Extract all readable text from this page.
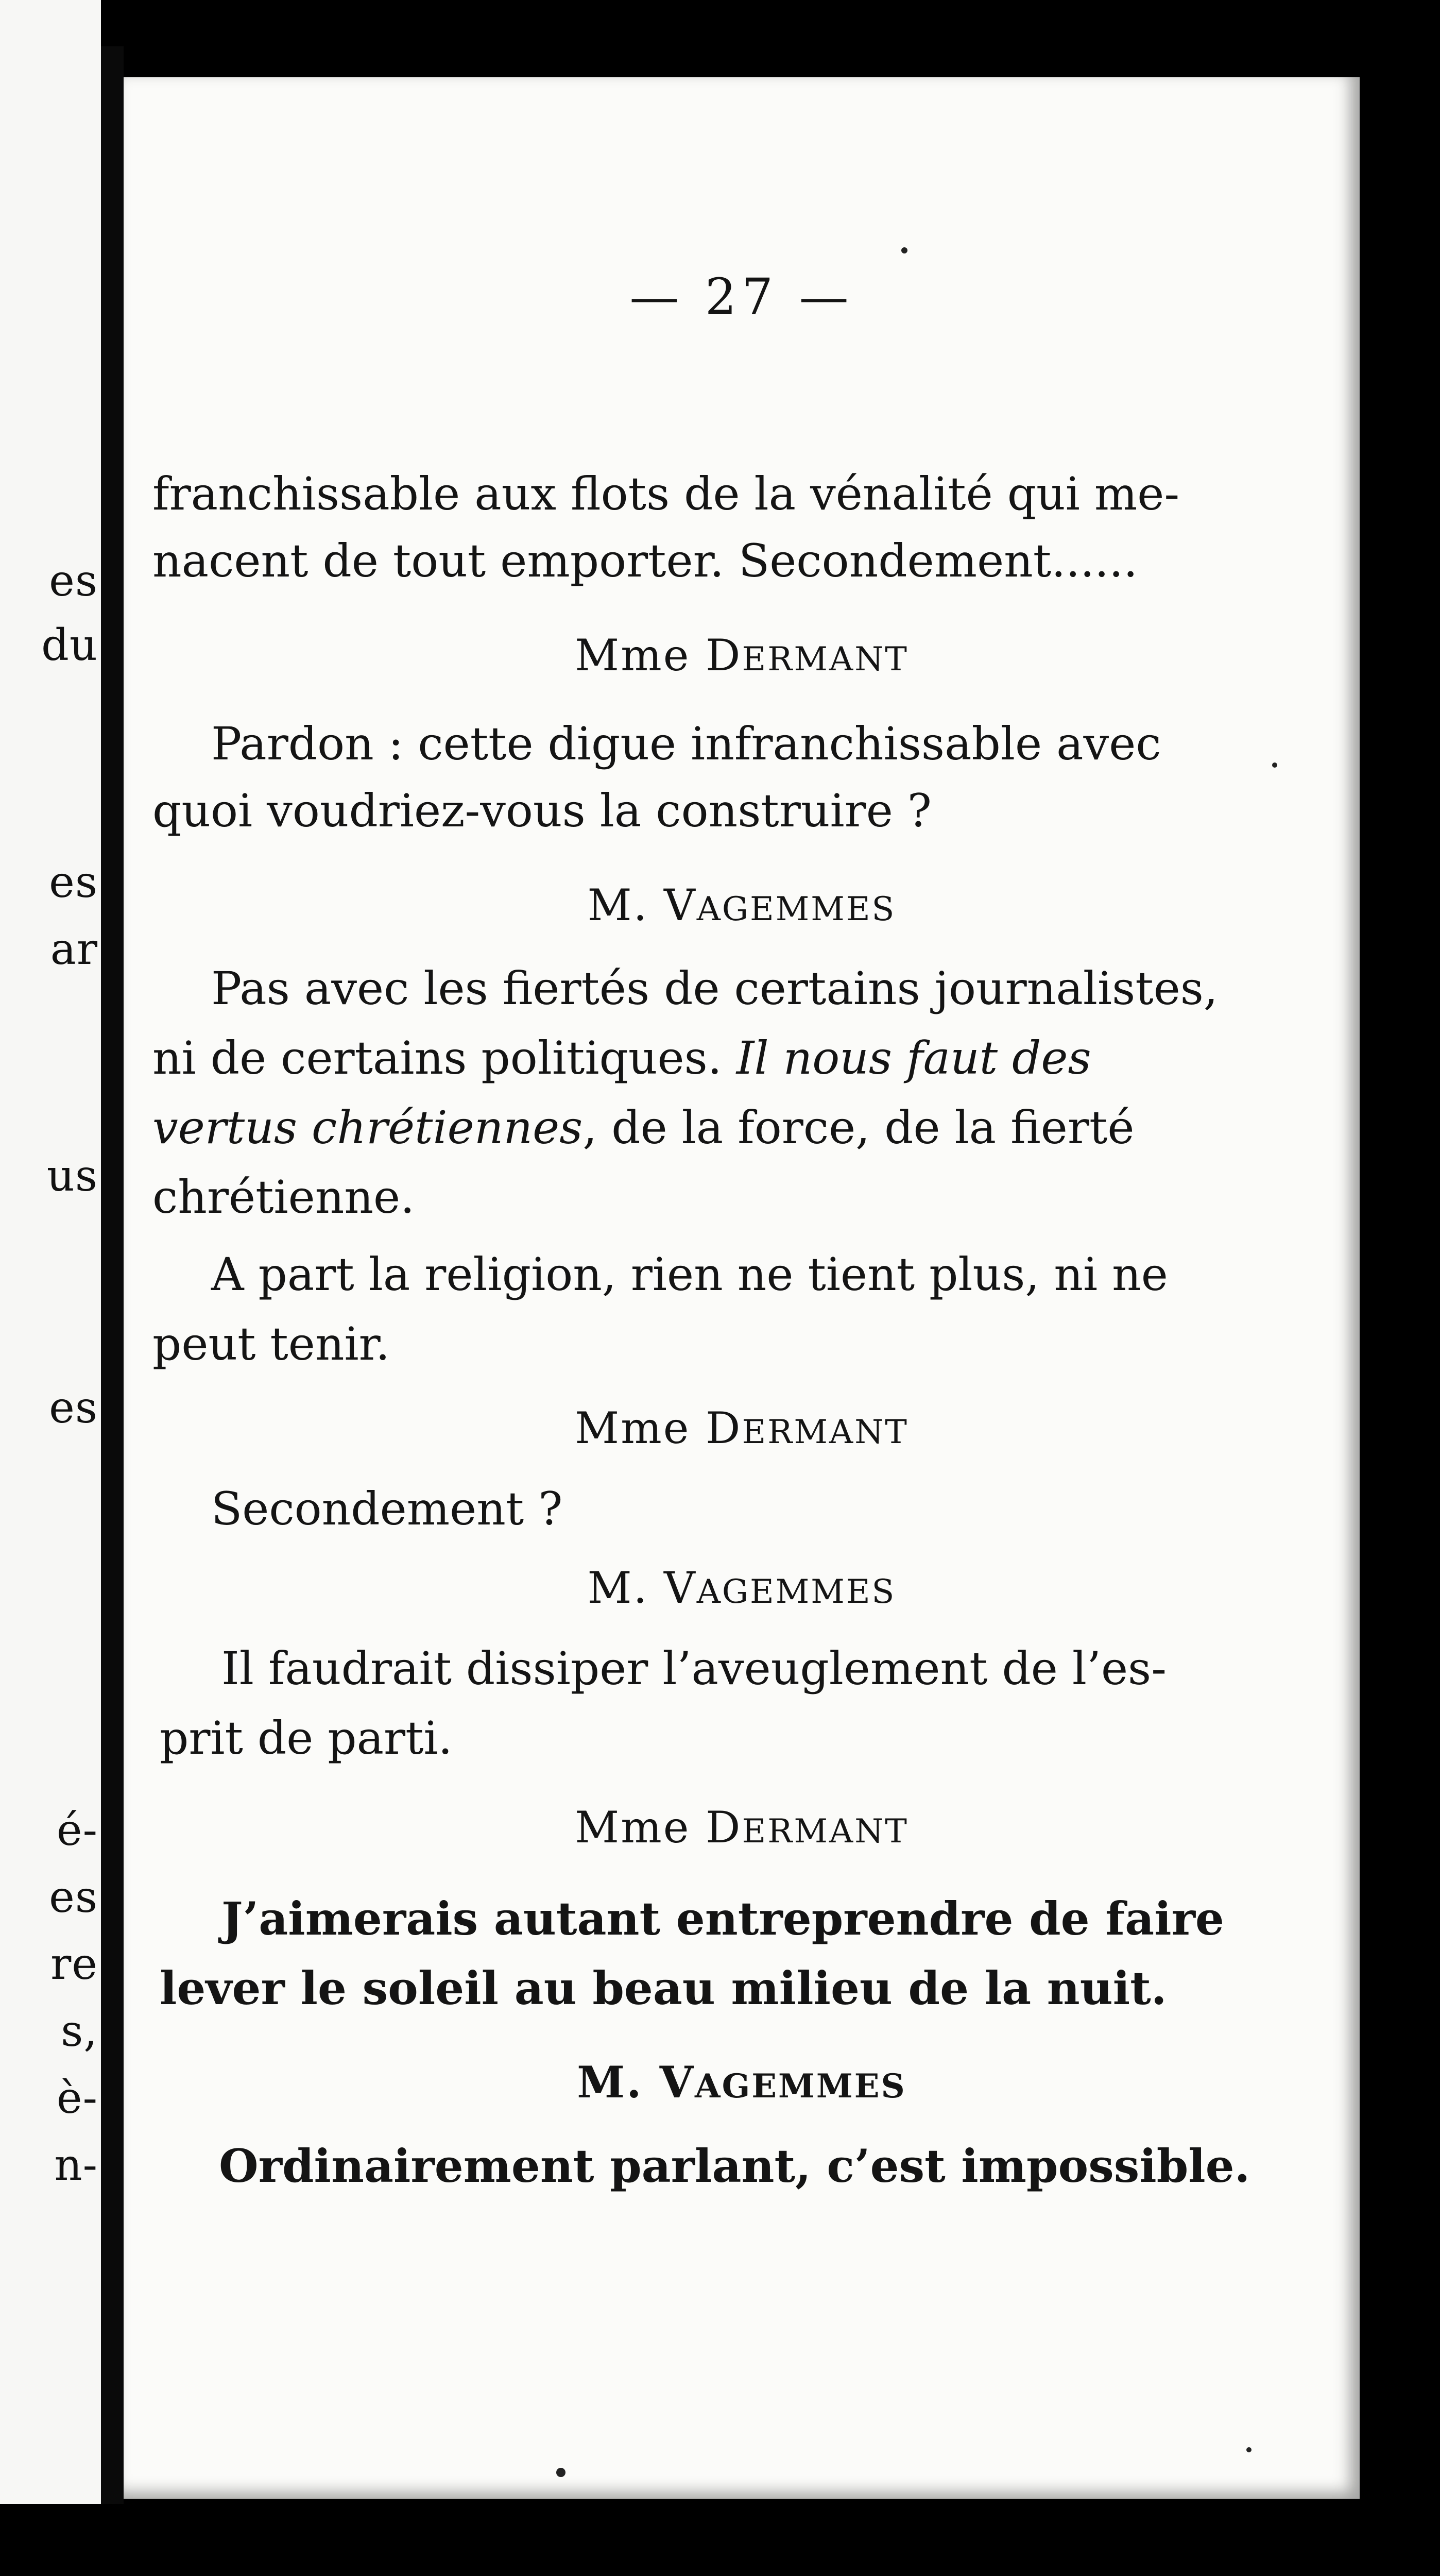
es
du
es
ar
us
es
é-
es
re
s,
è-
n-
— 27 —
franchissable aux flots de la vénalité qui me-
nacent de tout emporter. Secondement......
Mme DERMANT
Pardon : cette digue infranchissable avec
quoi voudriez-vous la construire ?
M. VAGEMMES
Pas avec les fiertés de certains journalistes,
ni de certains politiques. Il nous faut des
vertus chrétiennes, de la force, de la fierté
chrétienne.
A part la religion, rien ne tient plus, ni ne
peut tenir.
Mme DERMANT
Secondement ?
M. VAGEMMES
Il faudrait dissiper l’aveuglement de l’es-
prit de parti.
Mme DERMANT
J’aimerais autant entreprendre de faire
lever le soleil au beau milieu de la nuit.
M. VAGEMMES
Ordinairement parlant, c’est impossible.
